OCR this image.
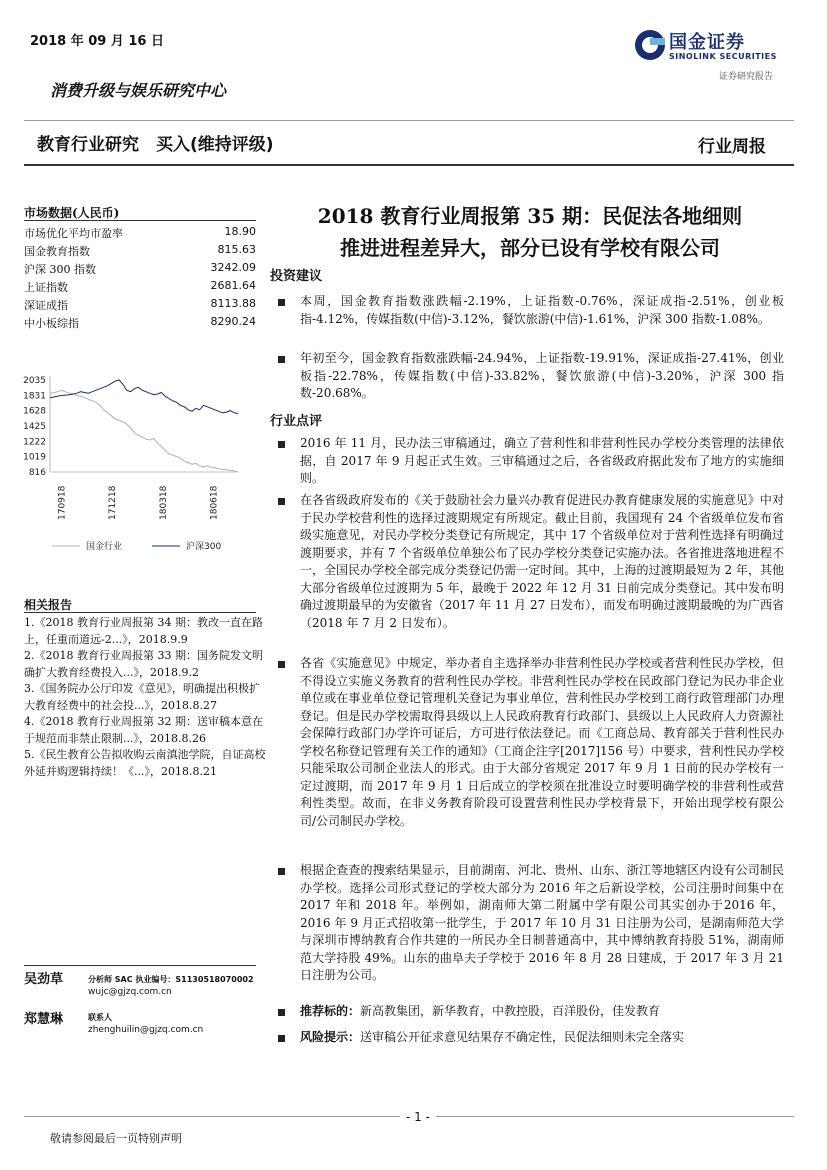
2018 年 09 月 16 日	国金证券
SINOLINK SECURITIES
证券研究报告
消费升级与娱乐研究中心
教育行业研究　买入(维持评级)	行业周报
市场数据(人民币)
市场优化平均市盈率	18.90
国金教育指数	815.63
沪深 300 指数	3242.09
上证指数	2681.64
深证成指	8113.88
中小板综指	8290.24
2035
1831
1628
1425
1222
1019
816
170918	171218	180318	180618
国金行业	沪深300
相关报告

1.《2018 教育行业周报第 34 期：教改一直在路上，任重而道远-2...》，2018.9.9

2.《2018 教育行业周报第 33 期：国务院发文明确扩大教育经费投入...》，2018.9.2

3.《国务院办公厅印发《意见》，明确提出积极扩大教育经费中的社会投...》，2018.8.27

4.《2018 教育行业周报第 32 期：送审稿本意在于规范而非禁止限制...》，2018.8.26

5.《民生教育公告拟收购云南滇池学院，自证高校外延并购逻辑持续！《...》，2018.8.21

吴劲草	分析师 SAC 执业编号：S1130518070002
wujc@gjzq.com.cn
郑慧琳	联系人
zhenghuilin@gjzq.com.cn
2018 教育行业周报第 35 期：民促法各地细则
推进进程差异大，部分已设有学校有限公司
投资建议
本周，国金教育指数涨跌幅-2.19%，上证指数-0.76%，深证成指-2.51%，创业板指-4.12%，传媒指数(中信)-3.12%，餐饮旅游(中信)-1.61%，沪深 300 指数-1.08%。
年初至今，国金教育指数涨跌幅-24.94%，上证指数-19.91%，深证成指-27.41%，创业板指-22.78%，传媒指数(中信)-33.82%，餐饮旅游(中信)-3.20%，沪深 300 指数-20.68%。
行业点评
2016 年 11 月，民办法三审稿通过，确立了营利性和非营利性民办学校分类管理的法律依据，自 2017 年 9 月起正式生效。三审稿通过之后，各省级政府据此发布了地方的实施细则。
在各省级政府发布的《关于鼓励社会力量兴办教育促进民办教育健康发展的实施意见》中对于民办学校营利性的选择过渡期规定有所规定。截止目前，我国现有 24 个省级单位发布省级实施意见，对民办学校分类登记有所规定，其中 17 个省级单位对于营利性选择有明确过渡期要求，并有 7 个省级单位单独公布了民办学校分类登记实施办法。各省推进落地进程不一，全国民办学校全部完成分类登记仍需一定时间。其中，上海的过渡期最短为 2 年，其他大部分省级单位过渡期为 5 年，最晚于 2022 年 12 月 31 日前完成分类登记。其中发布明确过渡期最早的为安徽省（2017 年 11 月 27 日发布），而发布明确过渡期最晚的为广西省（2018 年 7 月 2 日发布）。
各省《实施意见》中规定，举办者自主选择举办非营利性民办学校或者营利性民办学校，但不得设立实施义务教育的营利性民办学校。非营利性民办学校在民政部门登记为民办非企业单位或在事业单位登记管理机关登记为事业单位，营利性民办学校到工商行政管理部门办理登记。但是民办学校需取得县级以上人民政府教育行政部门、县级以上人民政府人力资源社会保障行政部门办学许可证后，方可进行依法登记。而《工商总局、教育部关于营利性民办学校名称登记管理有关工作的通知》（工商企注字[2017]156 号）中要求，营利性民办学校只能采取公司制企业法人的形式。由于大部分省规定 2017 年 9 月 1 日前的民办学校有一定过渡期，而 2017 年 9 月 1 日后成立的学校须在批准设立时要明确学校的非营利性或营利性类型。故而，在非义务教育阶段可设置营利性民办学校背景下，开始出现学校有限公司/公司制民办学校。
根据企查查的搜索结果显示，目前湖南、河北、贵州、山东、浙江等地辖区内设有公司制民办学校。选择公司形式登记的学校大部分为 2016 年之后新设学校，公司注册时间集中在 2017 年和 2018 年。举例如，湖南师大第二附属中学有限公司其实创办于2016 年，2016 年 9 月正式招收第一批学生，于 2017 年 10 月 31 日注册为公司，是湖南师范大学与深圳市博纳教育合作共建的一所民办全日制普通高中，其中博纳教育持股 51%，湖南师范大学持股 49%。山东的曲阜夫子学校于 2016 年 8 月 28 日建成，于 2017 年 3 月 21 日注册为公司。
推荐标的：新高教集团，新华教育，中教控股，百洋股份，佳发教育
风险提示：送审稿公开征求意见结果存不确定性，民促法细则未完全落实
- 1 -
敬请参阅最后一页特别声明
